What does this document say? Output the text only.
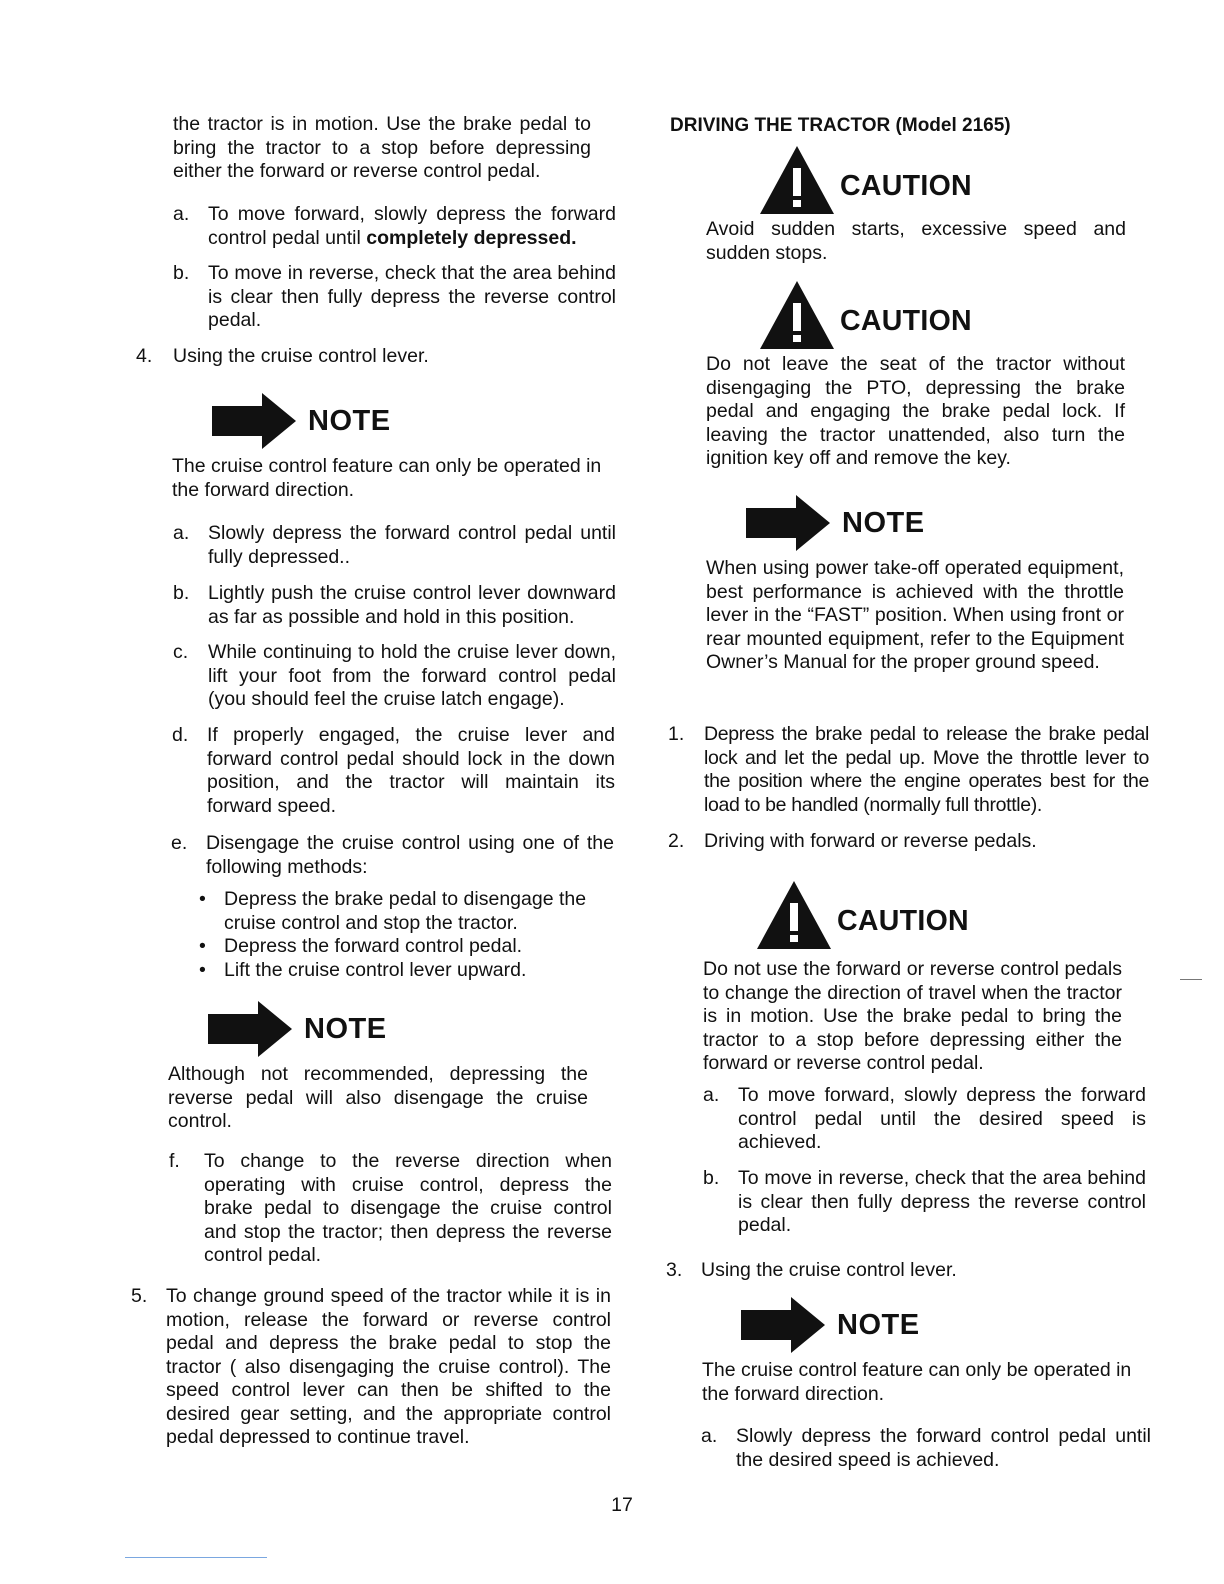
the tractor is in motion. Use the brake pedal to bring the tractor to a stop before depressing either the forward or reverse control pedal.

a. To move forward, slowly depress the forward control pedal until completely depressed.

b. To move in reverse, check that the area behind is clear then fully depress the reverse control pedal.

4. Using the cruise control lever.

NOTE

The cruise control feature can only be operated in the forward direction.

a. Slowly depress the forward control pedal until fully depressed..

b. Lightly push the cruise control lever downward as far as possible and hold in this position.

c. While continuing to hold the cruise lever down, lift your foot from the forward control pedal (you should feel the cruise latch engage).

d. If properly engaged, the cruise lever and forward control pedal should lock in the down position, and the tractor will maintain its forward speed.

e. Disengage the cruise control using one of the following methods:

• Depress the brake pedal to disengage the cruise control and stop the tractor.

• Depress the forward control pedal.

• Lift the cruise control lever upward.

NOTE

Although not recommended, depressing the reverse pedal will also disengage the cruise control.

f. To change to the reverse direction when operating with cruise control, depress the brake pedal to disengage the cruise control and stop the tractor; then depress the reverse control pedal.

5. To change ground speed of the tractor while it is in motion, release the forward or reverse control pedal and depress the brake pedal to stop the tractor ( also disengaging the cruise control). The speed control lever can then be shifted to the desired gear setting, and the appropriate control pedal depressed to continue travel.

DRIVING THE TRACTOR (Model 2165)

CAUTION

Avoid sudden starts, excessive speed and sudden stops.

CAUTION

Do not leave the seat of the tractor without disengaging the PTO, depressing the brake pedal and engaging the brake pedal lock. If leaving the tractor unattended, also turn the ignition key off and remove the key.

NOTE

When using power take-off operated equipment, best performance is achieved with the throttle lever in the “FAST” position. When using front or rear mounted equipment, refer to the Equipment Owner’s Manual for the proper ground speed.

1. Depress the brake pedal to release the brake pedal lock and let the pedal up. Move the throttle lever to the position where the engine operates best for the load to be handled (normally full throttle).

2. Driving with forward or reverse pedals.

CAUTION

Do not use the forward or reverse control pedals to change the direction of travel when the tractor is in motion. Use the brake pedal to bring the tractor to a stop before depressing either the forward or reverse control pedal.

a. To move forward, slowly depress the forward control pedal until the desired speed is achieved.

b. To move in reverse, check that the area behind is clear then fully depress the reverse control pedal.

3. Using the cruise control lever.

NOTE

The cruise control feature can only be operated in the forward direction.

a. Slowly depress the forward control pedal until the desired speed is achieved.

17
